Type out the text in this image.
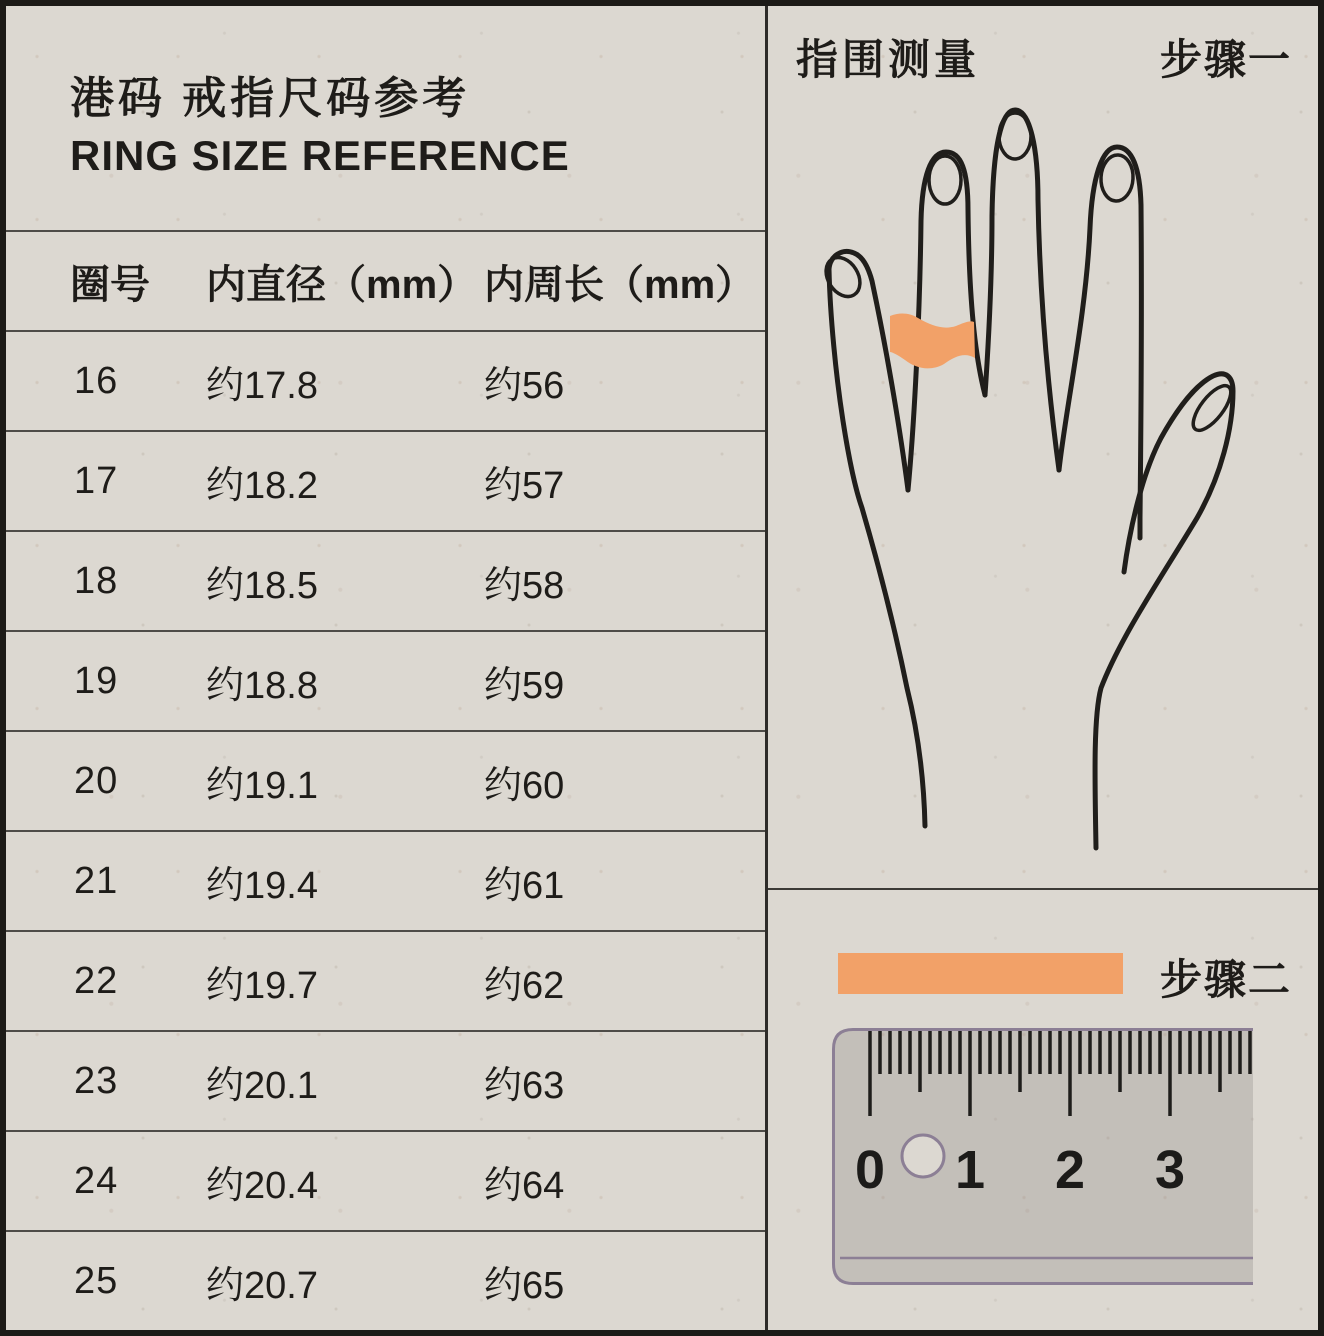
港码 戒指尺码参考
RING SIZE REFERENCE
圈号	内直径（mm） 内周长（mm）
16	约17.8	约56
17	约18.2	约57
18	约18.5	约58
19	约18.8	约59
20	约19.1	约60
21	约19.4	约61
22	约19.7	约62
23	约20.1	约63
24	约20.4	约64
25	约20.7	约65
指围测量	步骤一
步骤二
0 1 2 3
